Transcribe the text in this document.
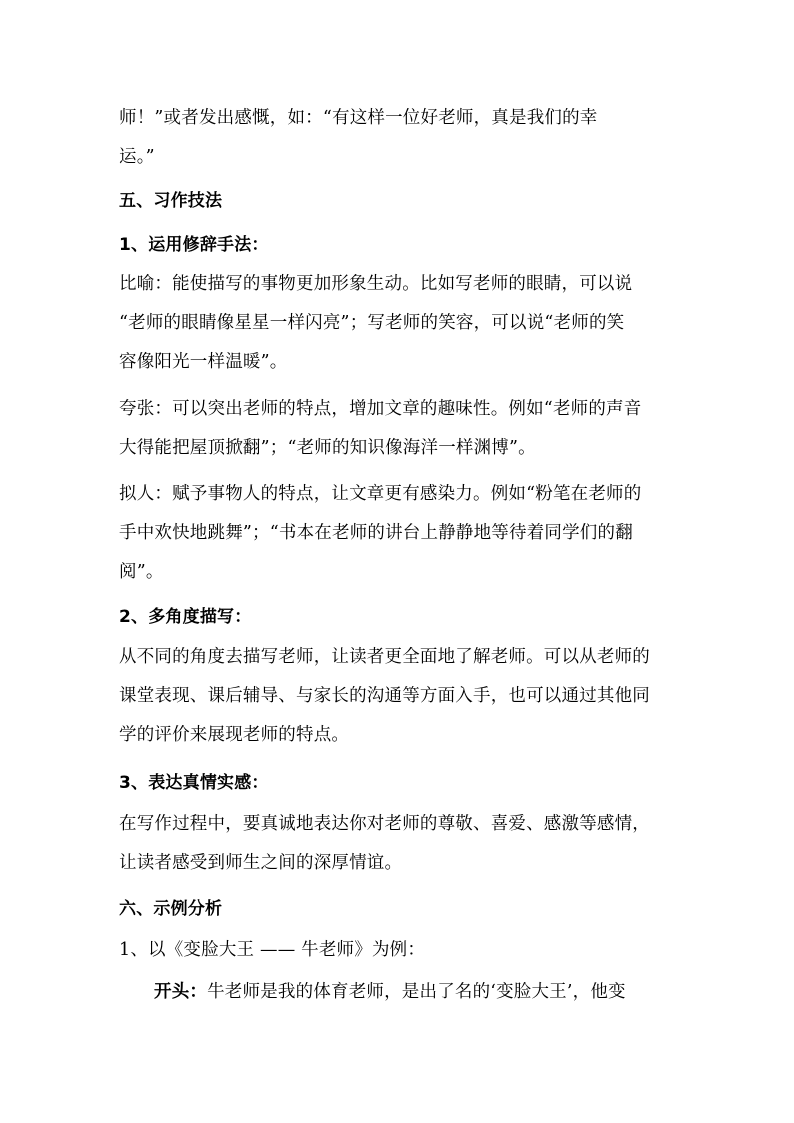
师！”或者发出感慨，如：“有这样一位好老师，真是我们的幸
运。”
五、习作技法
1、运用修辞手法：
比喻：能使描写的事物更加形象生动。比如写老师的眼睛，可以说
“老师的眼睛像星星一样闪亮”；写老师的笑容，可以说“老师的笑
容像阳光一样温暖”。
夸张：可以突出老师的特点，增加文章的趣味性。例如“老师的声音
大得能把屋顶掀翻”；“老师的知识像海洋一样渊博”。
拟人：赋予事物人的特点，让文章更有感染力。例如“粉笔在老师的
手中欢快地跳舞”；“书本在老师的讲台上静静地等待着同学们的翻
阅”。
2、多角度描写：
从不同的角度去描写老师，让读者更全面地了解老师。可以从老师的
课堂表现、课后辅导、与家长的沟通等方面入手，也可以通过其他同
学的评价来展现老师的特点。
3、表达真情实感：
在写作过程中，要真诚地表达你对老师的尊敬、喜爱、感激等感情，
让读者感受到师生之间的深厚情谊。
六、示例分析
1、以《变脸大王 —— 牛老师》为例：
开头：牛老师是我的体育老师，是出了名的‘变脸大王’，他变
